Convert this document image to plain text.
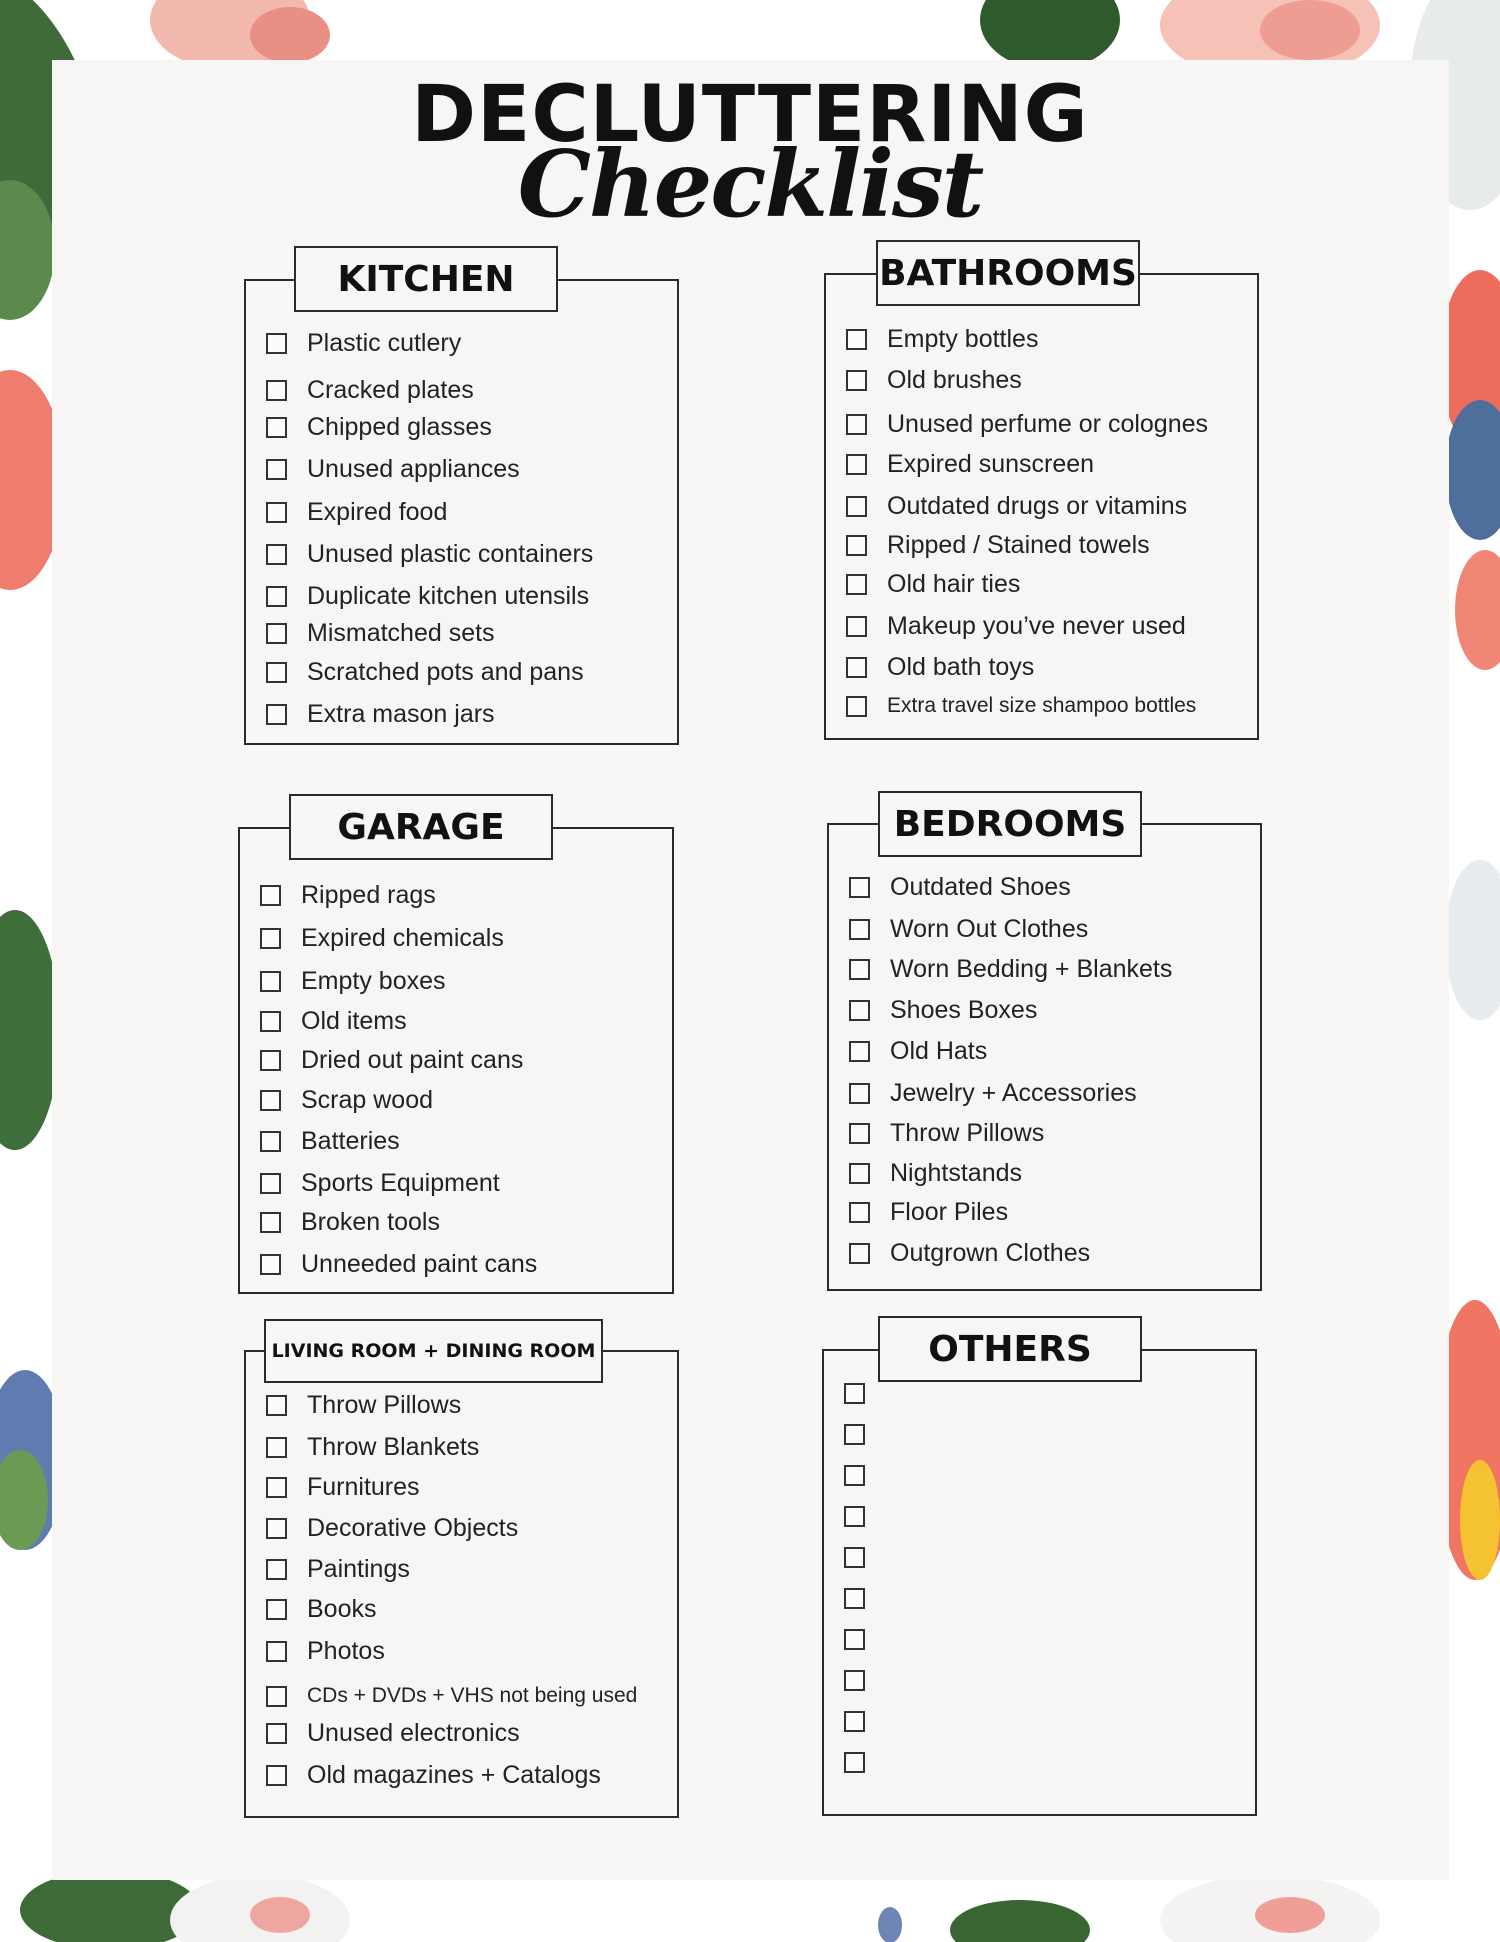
DECLUTTERING
Checklist
Plastic cutlery
Cracked plates
Chipped glasses
Unused appliances
Expired food
Unused plastic containers
Duplicate kitchen utensils
Mismatched sets
Scratched pots and pans
Extra mason jars
KITCHEN
Empty bottles
Old brushes
Unused perfume or colognes
Expired sunscreen
Outdated drugs or vitamins
Ripped / Stained towels
Old hair ties
Makeup you’ve never used
Old bath toys
Extra travel size shampoo bottles
BATHROOMS
Ripped rags
Expired chemicals
Empty boxes
Old items
Dried out paint cans
Scrap wood
Batteries
Sports Equipment
Broken tools
Unneeded paint cans
GARAGE
Outdated Shoes
Worn Out Clothes
Worn Bedding + Blankets
Shoes Boxes
Old Hats
Jewelry + Accessories
Throw Pillows
Nightstands
Floor Piles
Outgrown Clothes
BEDROOMS
Throw Pillows
Throw Blankets
Furnitures
Decorative Objects
Paintings
Books
Photos
CDs + DVDs + VHS not being used
Unused electronics
Old magazines + Catalogs
LIVING ROOM + DINING ROOM	OTHERS
